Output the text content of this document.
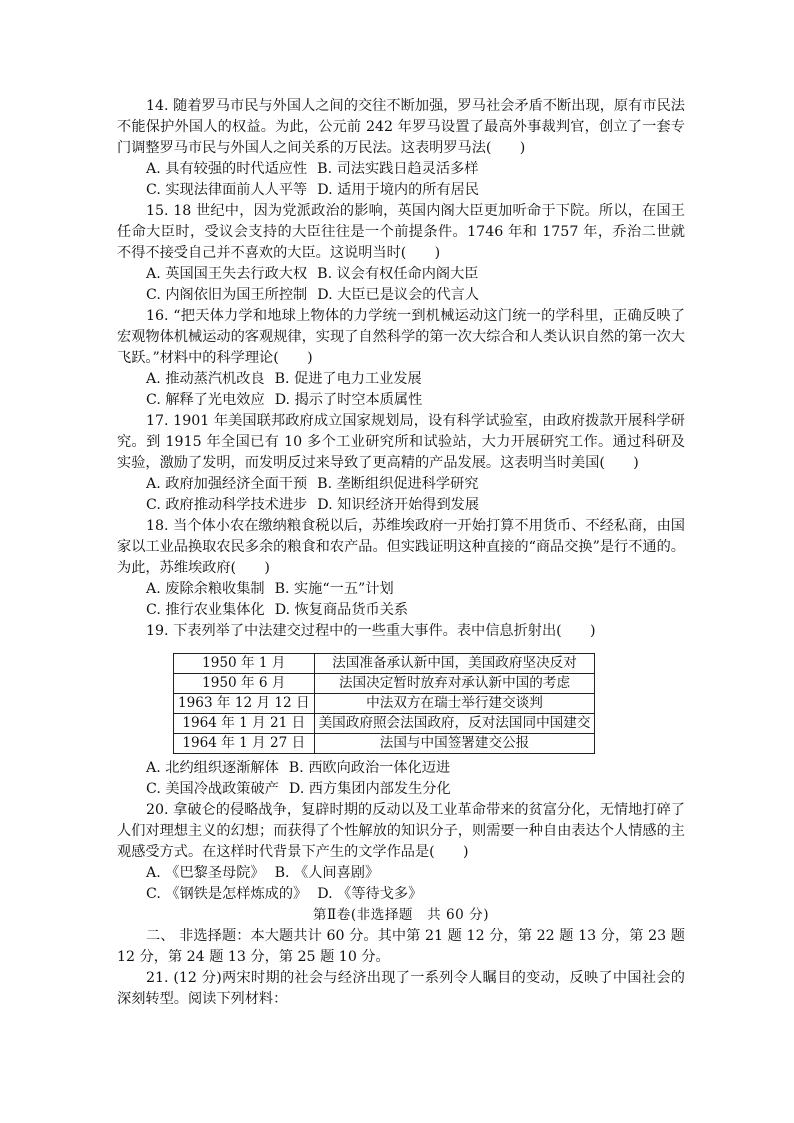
14. 随着罗马市民与外国人之间的交往不断加强，罗马社会矛盾不断出现，原有市民法不能保护外国人的权益。为此，公元前 242 年罗马设置了最高外事裁判官，创立了一套专门调整罗马市民与外国人之间关系的万民法。这表明罗马法(　　)

A. 具有较强的时代适应性 B. 司法实践日趋灵活多样
C. 实现法律面前人人平等 D. 适用于境内的所有居民

15. 18 世纪中，因为党派政治的影响，英国内阁大臣更加听命于下院。所以，在国王任命大臣时，受议会支持的大臣往往是一个前提条件。1746 年和 1757 年，乔治二世就不得不接受自己并不喜欢的大臣。这说明当时(　　)

A. 英国国王失去行政大权 B. 议会有权任命内阁大臣
C. 内阁依旧为国王所控制 D. 大臣已是议会的代言人

16. “把天体力学和地球上物体的力学统一到机械运动这门统一的学科里，正确反映了宏观物体机械运动的客观规律，实现了自然科学的第一次大综合和人类认识自然的第一次大飞跃。”材料中的科学理论(　　)

A. 推动蒸汽机改良 B. 促进了电力工业发展
C. 解释了光电效应 D. 揭示了时空本质属性

17. 1901 年美国联邦政府成立国家规划局，设有科学试验室，由政府拨款开展科学研究。到 1915 年全国已有 10 多个工业研究所和试验站，大力开展研究工作。通过科研及实验，激励了发明，而发明反过来导致了更高精的产品发展。这表明当时美国(　　)

A. 政府加强经济全面干预 B. 垄断组织促进科学研究
C. 政府推动科学技术进步 D. 知识经济开始得到发展

18. 当个体小农在缴纳粮食税以后，苏维埃政府一开始打算不用货币、不经私商，由国家以工业品换取农民多余的粮食和农产品。但实践证明这种直接的“商品交换”是行不通的。为此，苏维埃政府(　　)

A. 废除余粮收集制 B. 实施“一五”计划
C. 推行农业集体化 D. 恢复商品货币关系

19. 下表列举了中法建交过程中的一些重大事件。表中信息折射出(　　)

1950 年 1 月	法国准备承认新中国，美国政府坚决反对
1950 年 6 月	法国决定暂时放弃对承认新中国的考虑
1963 年 12 月 12 日	中法双方在瑞士举行建交谈判
1964 年 1 月 21 日	美国政府照会法国政府，反对法国同中国建交
1964 年 1 月 27 日	法国与中国签署建交公报
A. 北约组织逐渐解体 B. 西欧向政治一体化迈进
C. 美国冷战政策破产 D. 西方集团内部发生分化

20. 拿破仑的侵略战争，复辟时期的反动以及工业革命带来的贫富分化，无情地打碎了人们对理想主义的幻想；而获得了个性解放的知识分子，则需要一种自由表达个人情感的主观感受方式。在这样时代背景下产生的文学作品是(　　)

A. 《巴黎圣母院》 B. 《人间喜剧》
C. 《钢铁是怎样炼成的》 D. 《等待戈多》

第Ⅱ卷(非选择题　共 60 分)

二、 非选择题：本大题共计 60 分。其中第 21 题 12 分，第 22 题 13 分，第 23 题 12 分，第 24 题 13 分，第 25 题 10 分。

21. (12 分)两宋时期的社会与经济出现了一系列令人瞩目的变动，反映了中国社会的深刻转型。阅读下列材料：
